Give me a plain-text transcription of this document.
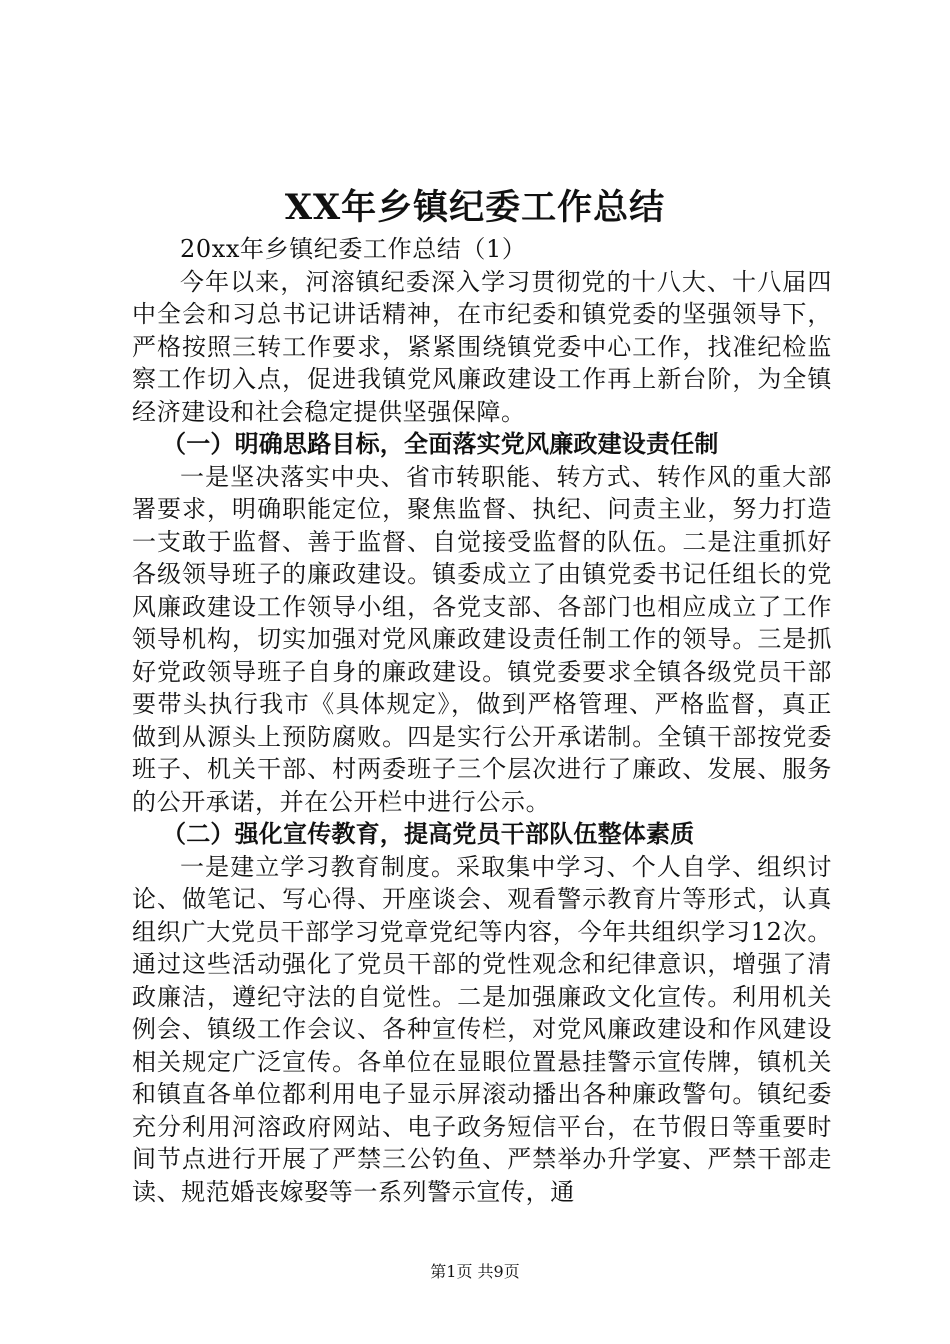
XX年乡镇纪委工作总结

20xx年乡镇纪委工作总结（1）

今年以来，河溶镇纪委深入学习贯彻党的十八大、十八届四中全会和习总书记讲话精神，在市纪委和镇党委的坚强领导下，严格按照三转工作要求，紧紧围绕镇党委中心工作，找准纪检监察工作切入点，促进我镇党风廉政建设工作再上新台阶，为全镇经济建设和社会稳定提供坚强保障。

（一）明确思路目标，全面落实党风廉政建设责任制

一是坚决落实中央、省市转职能、转方式、转作风的重大部署要求，明确职能定位，聚焦监督、执纪、问责主业，努力打造一支敢于监督、善于监督、自觉接受监督的队伍。二是注重抓好各级领导班子的廉政建设。镇委成立了由镇党委书记任组长的党风廉政建设工作领导小组，各党支部、各部门也相应成立了工作领导机构，切实加强对党风廉政建设责任制工作的领导。三是抓好党政领导班子自身的廉政建设。镇党委要求全镇各级党员干部要带头执行我市《具体规定》，做到严格管理、严格监督，真正做到从源头上预防腐败。四是实行公开承诺制。全镇干部按党委班子、机关干部、村两委班子三个层次进行了廉政、发展、服务的公开承诺，并在公开栏中进行公示。

（二）强化宣传教育，提高党员干部队伍整体素质

一是建立学习教育制度。采取集中学习、个人自学、组织讨论、做笔记、写心得、开座谈会、观看警示教育片等形式，认真组织广大党员干部学习党章党纪等内容，今年共组织学习12次。通过这些活动强化了党员干部的党性观念和纪律意识，增强了清政廉洁，遵纪守法的自觉性。二是加强廉政文化宣传。利用机关例会、镇级工作会议、各种宣传栏，对党风廉政建设和作风建设相关规定广泛宣传。各单位在显眼位置悬挂警示宣传牌，镇机关和镇直各单位都利用电子显示屏滚动播出各种廉政警句。镇纪委充分利用河溶政府网站、电子政务短信平台，在节假日等重要时间节点进行开展了严禁三公钓鱼、严禁举办升学宴、严禁干部走读、规范婚丧嫁娶等一系列警示宣传，通

第1页 共9页
